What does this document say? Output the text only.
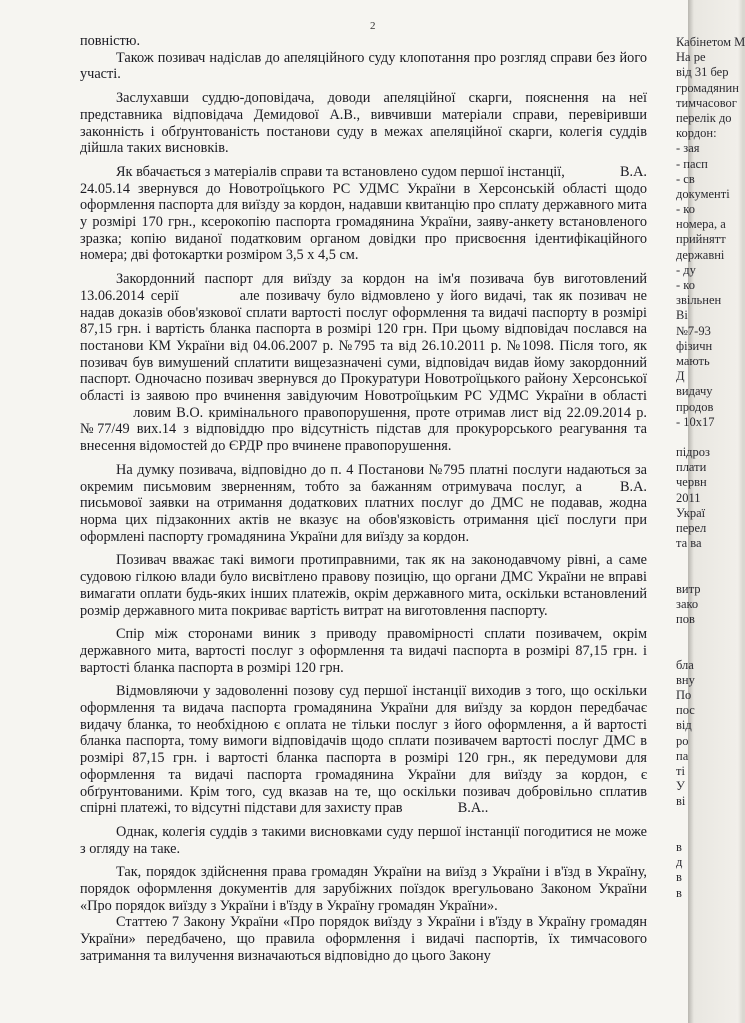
2

повністю.

Також позивач надіслав до апеляційного суду клопотання про розгляд справи без його участі.

Заслухавши суддю-доповідача, доводи апеляційної скарги, пояснення на неї представника відповідача Демидової А.В., вивчивши матеріали справи, перевіривши законність і обґрунтованість постанови суду в межах апеляційної скарги, колегія суддів дійшла таких висновків.

Як вбачається з матеріалів справи та встановлено судом першої інстанції,	В.А. 24.05.14 звернувся до Новотроїцького РС УДМС України в Херсонській області щодо оформлення паспорта для виїзду за кордон, надавши квитанцію про сплату державного мита у розмірі 170 грн., ксерокопію паспорта громадянина України, заяву-анкету встановленого зразка; копію виданої податковим органом довідки про присвоєння ідентифікаційного номера; дві фотокартки розміром 3,5 х 4,5 см.

Закордонний паспорт для виїзду за кордон на ім'я позивача був виготовлений 13.06.2014 серії	але позивачу було відмовлено у його видачі, так як позивач не надав доказів обов'язкової сплати вартості послуг оформлення та видачі паспорту в розмірі 87,15 грн. і вартість бланка паспорта в розмірі 120 грн. При цьому відповідач послався на постанови КМ України від 04.06.2007 р. №795 та від 26.10.2011 р. №1098. Після того, як позивач був вимушений сплатити вищезазначені суми, відповідач видав йому закордонний паспорт. Одночасно позивач звернувся до Прокуратури Новотроїцького району Херсонської області із заявою про вчинення завідуючим Новотроїцьким РС УДМС України в області  ловим В.О. кримінального правопорушення, проте отримав лист від 22.09.2014 р. №77/49 вих.14 з відповіддю про відсутність підстав для прокурорського реагування та внесення відомостей до ЄРДР про вчинене правопорушення.

На думку позивача, відповідно до п. 4 Постанови №795 платні послуги надаються за окремим письмовим зверненням, тобто за бажанням отримувача послуг, а  В.А. письмової заявки на отримання додаткових платних послуг до ДМС не подавав, жодна норма цих підзаконних актів не вказує на обов'язковість отримання цієї послуги при оформлені паспорту громадянина України для виїзду за кордон.

Позивач вважає такі вимоги протиправними, так як на законодавчому рівні, а саме судовою гілкою влади було висвітлено правову позицію, що органи ДМС України не вправі вимагати оплати будь-яких інших платежів, окрім державного мита, оскільки встановлений розмір державного мита покриває вартість витрат на виготовлення паспорту.

Спір між сторонами виник з приводу правомірності сплати позивачем, окрім державного мита, вартості послуг з оформлення та видачі паспорта в розмірі 87,15 грн. і вартості бланка паспорта в розмірі 120 грн.

Відмовляючи у задоволенні позову суд першої інстанції виходив з того, що оскільки оформлення та видача паспорта громадянина України для виїзду за кордон передбачає видачу бланка, то необхідною є оплата не тільки послуг з його оформлення, а й вартості бланка паспорта, тому вимоги відповідачів щодо сплати позивачем вартості послуг ДМС в розмірі 87,15 грн. і вартості бланка паспорта в розмірі 120 грн., як передумови для оформлення та видачі паспорта громадянина України для виїзду за кордон, є обґрунтованими. Крім того, суд вказав на те, що оскільки позивач добровільно сплатив спірні платежі, то відсутні підстави для захисту прав	В.А..

Однак, колегія суддів з такими висновками суду першої інстанції погодитися не може з огляду на таке.

Так, порядок здійснення права громадян України на виїзд з України і в'їзд в Україну, порядок оформлення документів для зарубіжних поїздок врегульовано Законом України «Про порядок виїзду з України і в'їзду в Україну громадян України».

Статтею 7 Закону України «Про порядок виїзду з України і в'їзду в Україну громадян України» передбачено, що правила оформлення і видачі паспортів, їх тимчасового затримання та вилучення визначаються відповідно до цього Закону

Кабінетом М
На ре
від 31 бер
громадянин
тимчасовог
перелік до
кордон:
- зая
- пасп
- св
документі
- ко
номера, а
прийнятт
державні
- ду
- ко
звільнен
Ві
№7-93
фізичн
мають
Д
видачу
продов
- 10х17
підроз
плати
червн
2011
Украї
перел
та ва
витр
зако
пов
бла
вну
По
пос
від
ро
па
ті
У
ві
в
д
в
в
